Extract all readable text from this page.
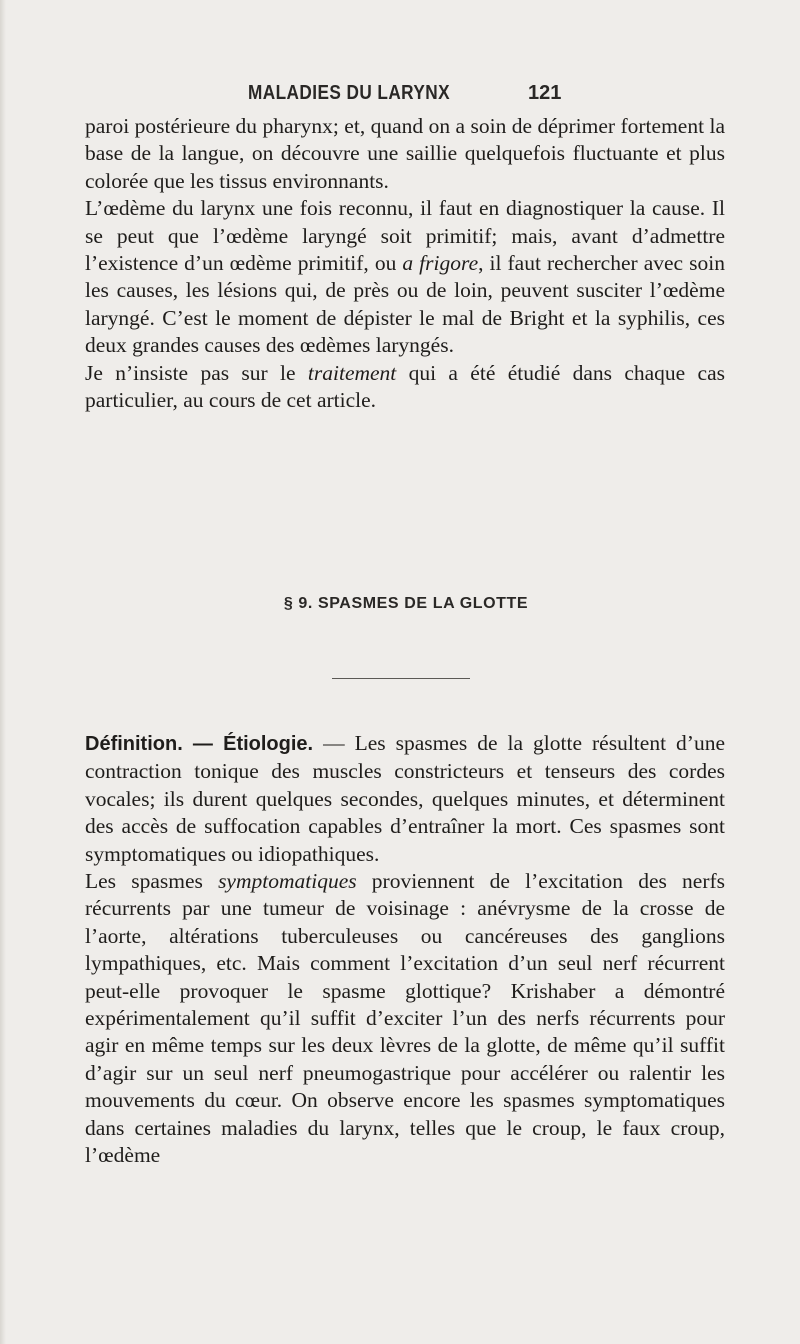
MALADIES DU LARYNX	121

paroi postérieure du pharynx; et, quand on a soin de déprimer fortement la base de la langue, on découvre une saillie quelquefois fluctuante et plus colorée que les tissus environnants.

L’œdème du larynx une fois reconnu, il faut en diagnostiquer la cause. Il se peut que l’œdème laryngé soit primitif; mais, avant d’admettre l’existence d’un œdème primitif, ou a frigore, il faut rechercher avec soin les causes, les lésions qui, de près ou de loin, peuvent susciter l’œdème laryngé. C’est le moment de dépister le mal de Bright et la syphilis, ces deux grandes causes des œdèmes laryngés.

Je n’insiste pas sur le traitement qui a été étudié dans chaque cas particulier, au cours de cet article.

§ 9. SPASMES DE LA GLOTTE

Définition. — Étiologie. — Les spasmes de la glotte résultent d’une contraction tonique des muscles constricteurs et tenseurs des cordes vocales; ils durent quelques secondes, quelques minutes, et déterminent des accès de suffocation capables d’entraîner la mort. Ces spasmes sont symptomatiques ou idiopathiques.

Les spasmes symptomatiques proviennent de l’excitation des nerfs récurrents par une tumeur de voisinage : anévrysme de la crosse de l’aorte, altérations tuberculeuses ou cancéreuses des ganglions lympathiques, etc. Mais comment l’excitation d’un seul nerf récurrent peut-elle provoquer le spasme glottique? Krishaber a démontré expérimentalement qu’il suffit d’exciter l’un des nerfs récurrents pour agir en même temps sur les deux lèvres de la glotte, de même qu’il suffit d’agir sur un seul nerf pneumogastrique pour accélérer ou ralentir les mouvements du cœur. On observe encore les spasmes symptomatiques dans certaines maladies du larynx, telles que le croup, le faux croup, l’œdème
